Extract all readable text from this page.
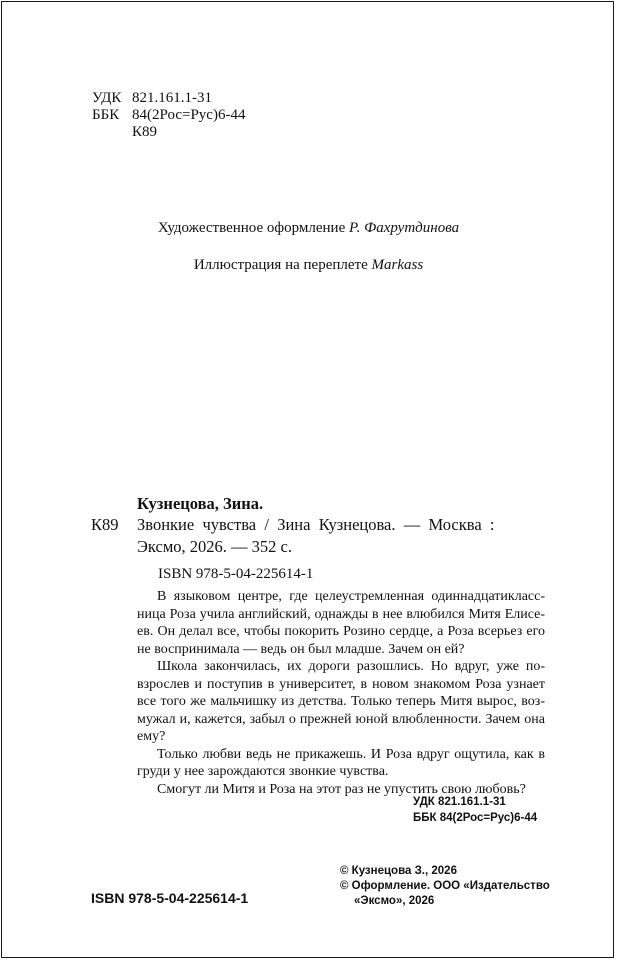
УДК 821.161.1-31
ББК 84(2Рос=Рус)6-44
К89
Художественное оформление Р. Фахрутдинова
Иллюстрация на переплете Markass
Кузнецова, Зина.
К89 Звонкие  чувства  /  Зина  Кузнецова.  —  Москва  :
Эксмо, 2026. — 352 с.
ISBN 978-5-04-225614-1

В языковом центре, где целеустремленная одиннадцатикласс-
ница Роза учила английский, однажды в нее влюбился Митя Елисе-
ев. Он делал все, чтобы покорить Розино сердце, а Роза всерьез его
не воспринимала — ведь он был младше. Зачем он ей?

Школа закончилась, их дороги разошлись. Но вдруг, уже по-
взрослев и поступив в университет, в новом знакомом Роза узнает
все того же мальчишку из детства. Только теперь Митя вырос, воз-
мужал и, кажется, забыл о прежней юной влюбленности. Зачем она
ему?

Только любви ведь не прикажешь. И Роза вдруг ощутила, как в
груди у нее зарождаются звонкие чувства.

Смогут ли Митя и Роза на этот раз не упустить свою любовь?

УДК 821.161.1-31
ББК 84(2Рос=Рус)6-44
ISBN 978-5-04-225614-1
© Кузнецова З., 2026
© Оформление. ООО «Издательство
«Эксмо», 2026
